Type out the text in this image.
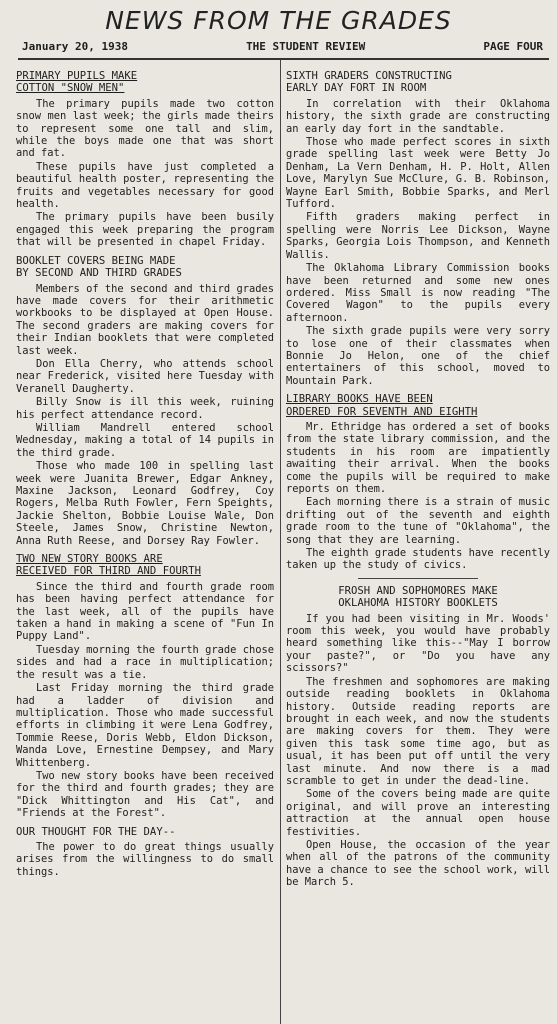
NEWS FROM THE GRADES
January 20, 1938	THE STUDENT REVIEW	PAGE FOUR
PRIMARY PUPILS MAKE
COTTON "SNOW MEN"

The primary pupils made two cotton snow men last week; the girls made theirs to represent some one tall and slim, while the boys made one that was short and fat.

These pupils have just completed a beautiful health poster, representing the fruits and vegetables necessary for good health.

The primary pupils have been busily engaged this week preparing the program that will be presented in chapel Friday.

BOOKLET COVERS BEING MADE
BY SECOND AND THIRD GRADES

Members of the second and third grades have made covers for their arithmetic workbooks to be displayed at Open House. The second graders are making covers for their Indian booklets that were completed last week.

Don Ella Cherry, who attends school near Frederick, visited here Tuesday with Veranell Daugherty.

Billy Snow is ill this week, ruining his perfect attendance record.

William Mandrell entered school Wednesday, making a total of 14 pupils in the third grade.

Those who made 100 in spelling last week were Juanita Brewer, Edgar Ankney, Maxine Jackson, Leonard Godfrey, Coy Rogers, Melba Ruth Fowler, Fern Speights, Jackie Shelton, Bobbie Louise Wale, Don Steele, James Snow, Christine Newton, Anna Ruth Reese, and Dorsey Ray Fowler.

TWO NEW STORY BOOKS ARE
RECEIVED FOR THIRD AND FOURTH

Since the third and fourth grade room has been having perfect attendance for the last week, all of the pupils have taken a hand in making a scene of "Fun In Puppy Land".

Tuesday morning the fourth grade chose sides and had a race in multiplication; the result was a tie.

Last Friday morning the third grade had a ladder of division and multiplication. Those who made successful efforts in climbing it were Lena Godfrey, Tommie Reese, Doris Webb, Eldon Dickson, Wanda Love, Ernestine Dempsey, and Mary Whittenberg.

Two new story books have been received for the third and fourth grades; they are "Dick Whittington and His Cat", and "Friends at the Forest".

OUR THOUGHT FOR THE DAY--

The power to do great things usually arises from the willingness to do small things.

SIXTH GRADERS CONSTRUCTING
EARLY DAY FORT IN ROOM

In correlation with their Oklahoma history, the sixth grade are constructing an early day fort in the sandtable.

Those who made perfect scores in sixth grade spelling last week were Betty Jo Denham, La Vern Denham, H. P. Holt, Allen Love, Marylyn Sue McClure, G. B. Robinson, Wayne Earl Smith, Bobbie Sparks, and Merl Tufford.

Fifth graders making perfect in spelling were Norris Lee Dickson, Wayne Sparks, Georgia Lois Thompson, and Kenneth Wallis.

The Oklahoma Library Commission books have been returned and some new ones ordered. Miss Small is now reading "The Covered Wagon" to the pupils every afternoon.

The sixth grade pupils were very sorry to lose one of their classmates when Bonnie Jo Helon, one of the chief entertainers of this school, moved to Mountain Park.

LIBRARY BOOKS HAVE BEEN
ORDERED FOR SEVENTH AND EIGHTH

Mr. Ethridge has ordered a set of books from the state library commission, and the students in his room are impatiently awaiting their arrival. When the books come the pupils will be required to make reports on them.

Each morning there is a strain of music drifting out of the seventh and eighth grade room to the tune of "Oklahoma", the song that they are learning.

The eighth grade students have recently taken up the study of civics.

FROSH AND SOPHOMORES MAKE
OKLAHOMA HISTORY BOOKLETS

If you had been visiting in Mr. Woods' room this week, you would have probably heard something like this--"May I borrow your paste?", or "Do you have any scissors?"

The freshmen and sophomores are making outside reading booklets in Oklahoma history. Outside reading reports are brought in each week, and now the students are making covers for them. They were given this task some time ago, but as usual, it has been put off until the very last minute. And now there is a mad scramble to get in under the dead-line.

Some of the covers being made are quite original, and will prove an interesting attraction at the annual open house festivities.

Open House, the occasion of the year when all of the patrons of the community have a chance to see the school work, will be March 5.
